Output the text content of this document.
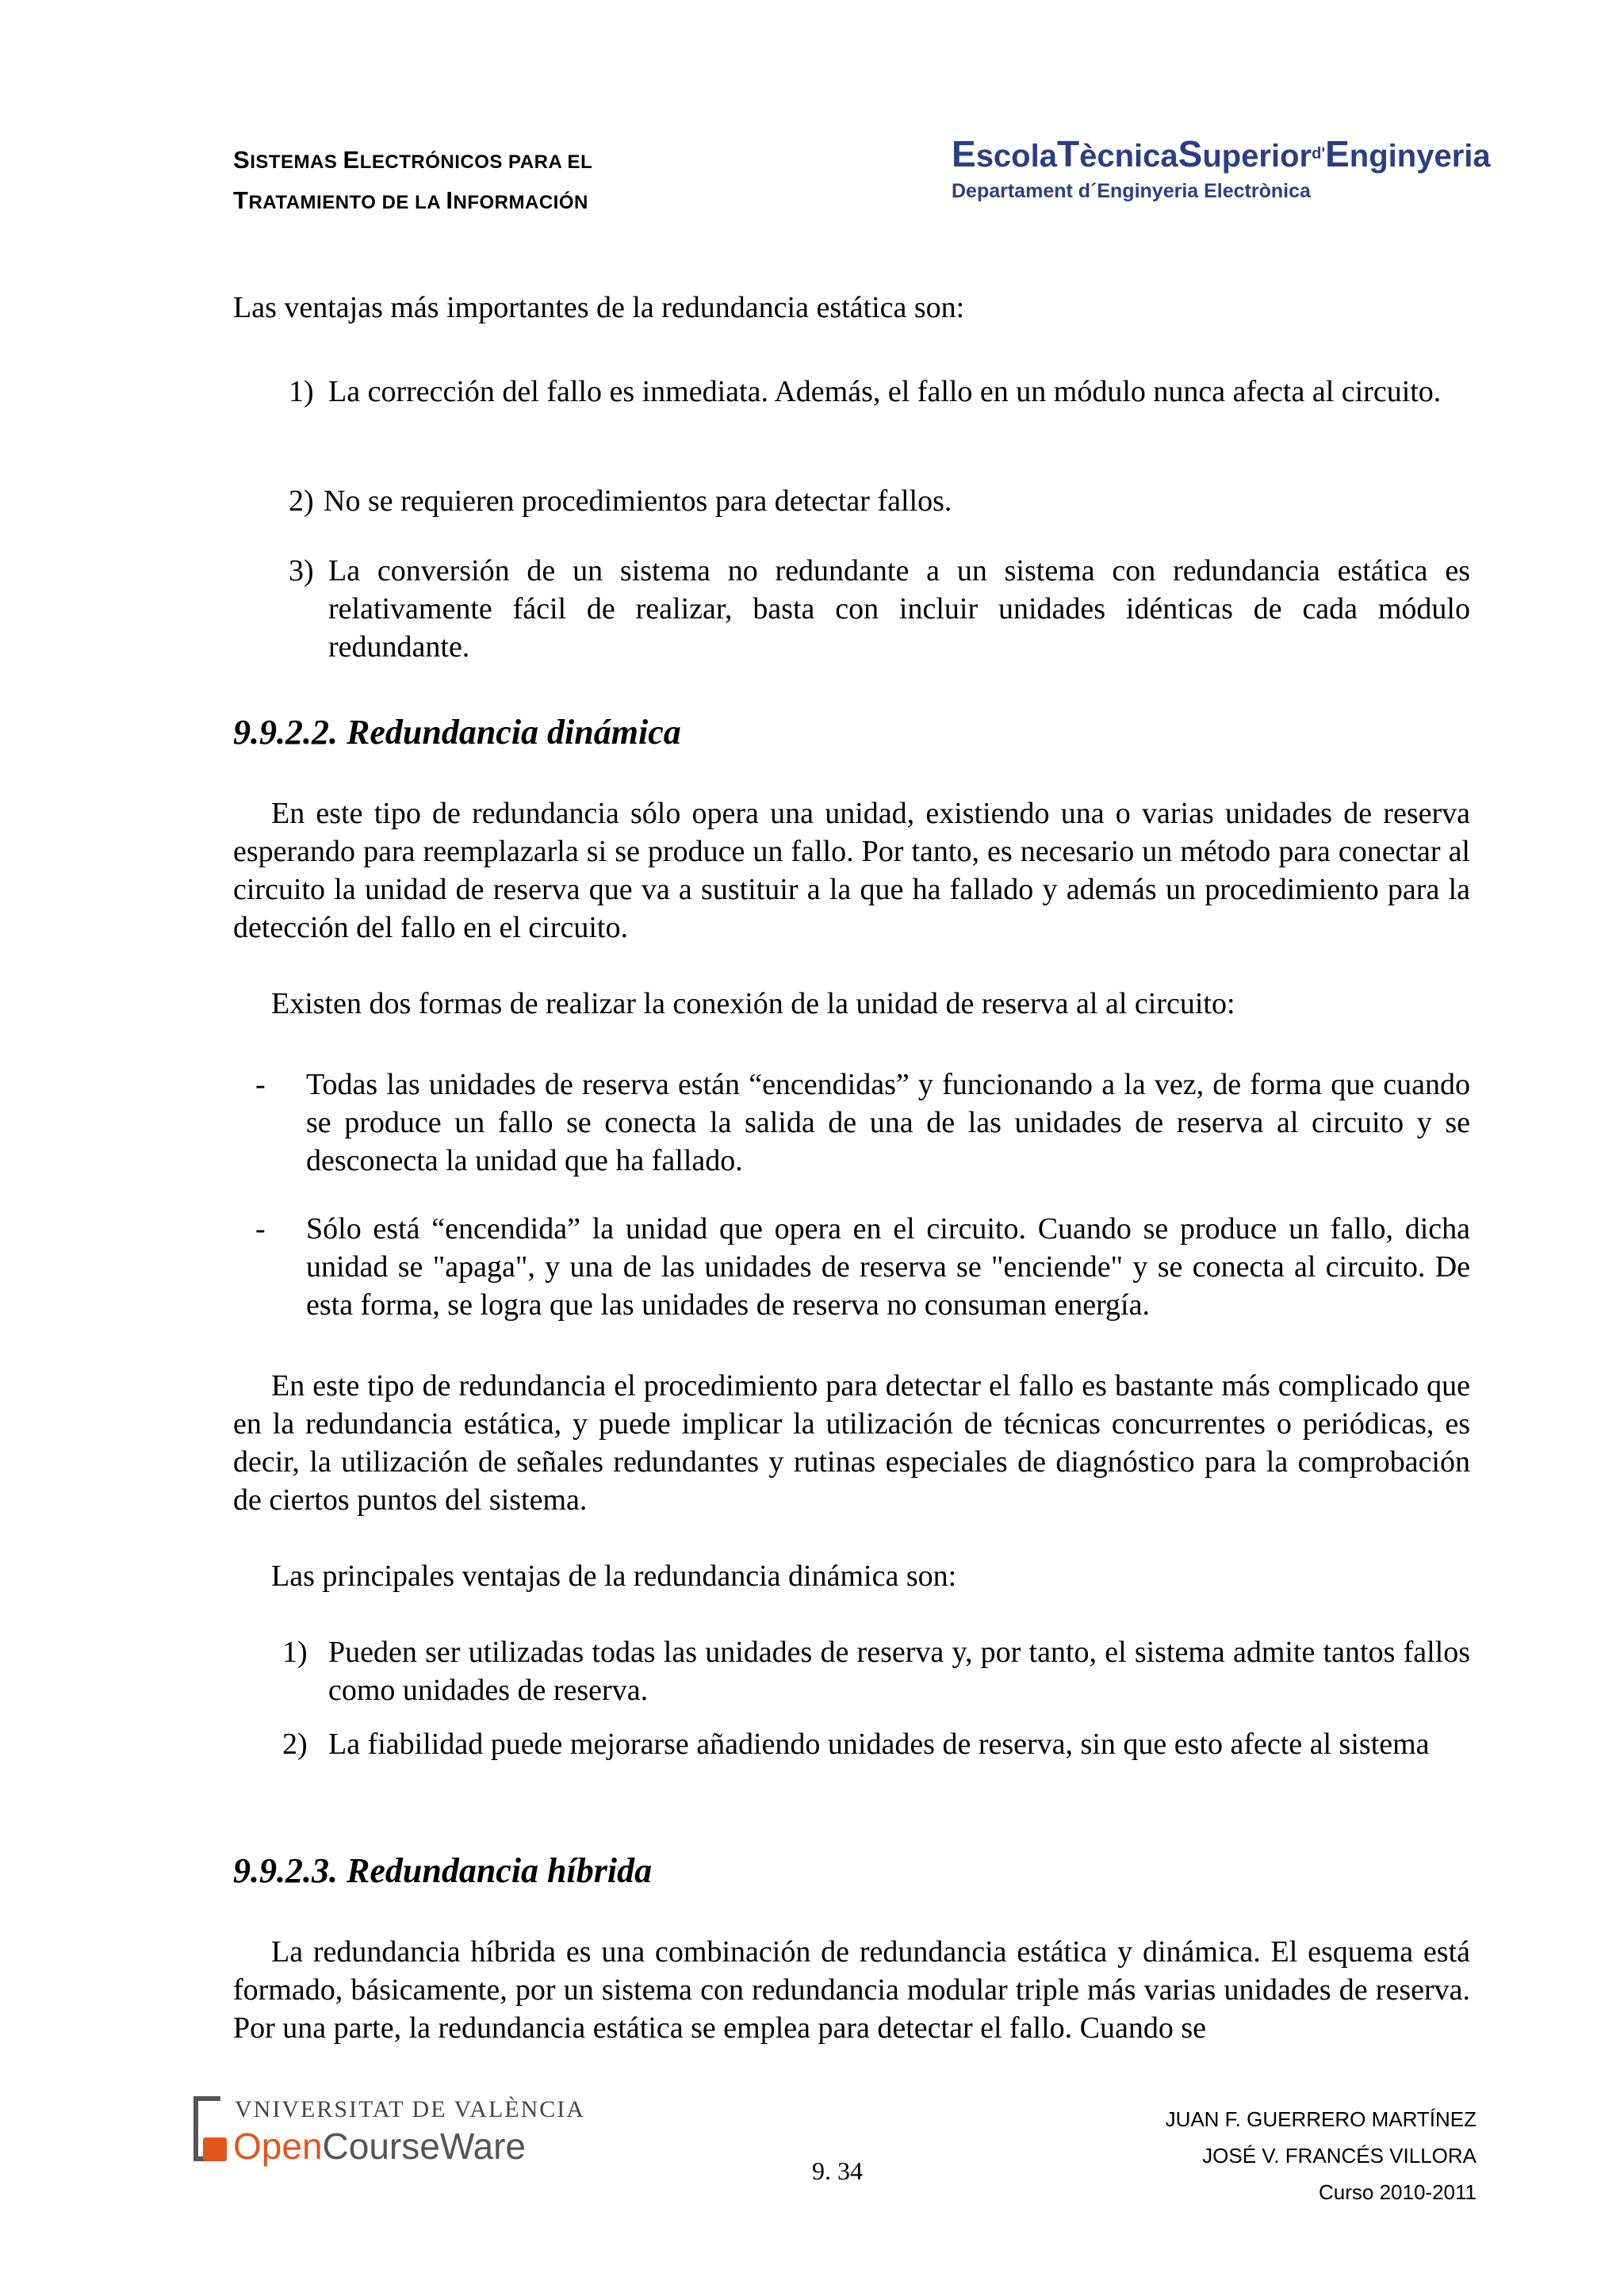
SISTEMAS ELECTRÓNICOS PARA EL
TRATAMIENTO DE LA INFORMACIÓN
EscolaTècnicaSuperior$^{d'}$Enginyeria
Departament d´Enginyeria Electrònica
Las ventajas más importantes de la redundancia estática son:
1) La corrección del fallo es inmediata. Además, el fallo en un módulo nunca afecta al circuito.
2) No se requieren procedimientos para detectar fallos.
3) La conversión de un sistema no redundante a un sistema con redundancia estática es relativamente fácil de realizar, basta con incluir unidades idénticas de cada módulo redundante.
9.9.2.2. Redundancia dinámica
En este tipo de redundancia sólo opera una unidad, existiendo una o varias unidades de reserva esperando para reemplazarla si se produce un fallo. Por tanto, es necesario un método para conectar al circuito la unidad de reserva que va a sustituir a la que ha fallado y además un procedimiento para la detección del fallo en el circuito.
Existen dos formas de realizar la conexión de la unidad de reserva al al circuito:
-	Todas las unidades de reserva están “encendidas” y funcionando a la vez, de forma que cuando se produce un fallo se conecta la salida de una de las unidades de reserva al circuito y se desconecta la unidad que ha fallado.
-	Sólo está “encendida” la unidad que opera en el circuito. Cuando se produce un fallo, dicha unidad se "apaga", y una de las unidades de reserva se "enciende" y se conecta al circuito. De esta forma, se logra que las unidades de reserva no consuman energía.
En este tipo de redundancia el procedimiento para detectar el fallo es bastante más complicado que en la redundancia estática, y puede implicar la utilización de técnicas concurrentes o periódicas, es decir, la utilización de señales redundantes y rutinas especiales de diagnóstico para la comprobación de ciertos puntos del sistema.
Las principales ventajas de la redundancia dinámica son:
1) Pueden ser utilizadas todas las unidades de reserva y, por tanto, el sistema admite tantos fallos como unidades de reserva.
2) La fiabilidad puede mejorarse añadiendo unidades de reserva, sin que esto afecte al sistema
9.9.2.3. Redundancia híbrida
La redundancia híbrida es una combinación de redundancia estática y dinámica. El esquema está formado, básicamente, por un sistema con redundancia modular triple más varias unidades de reserva. Por una parte, la redundancia estática se emplea para detectar el fallo. Cuando se
VNIVERSITAT DE VALÈNCIA
OpenCourseWare
9. 34
JUAN F. GUERRERO MARTÍNEZ
JOSÉ V. FRANCÉS VILLORA
Curso 2010-2011
